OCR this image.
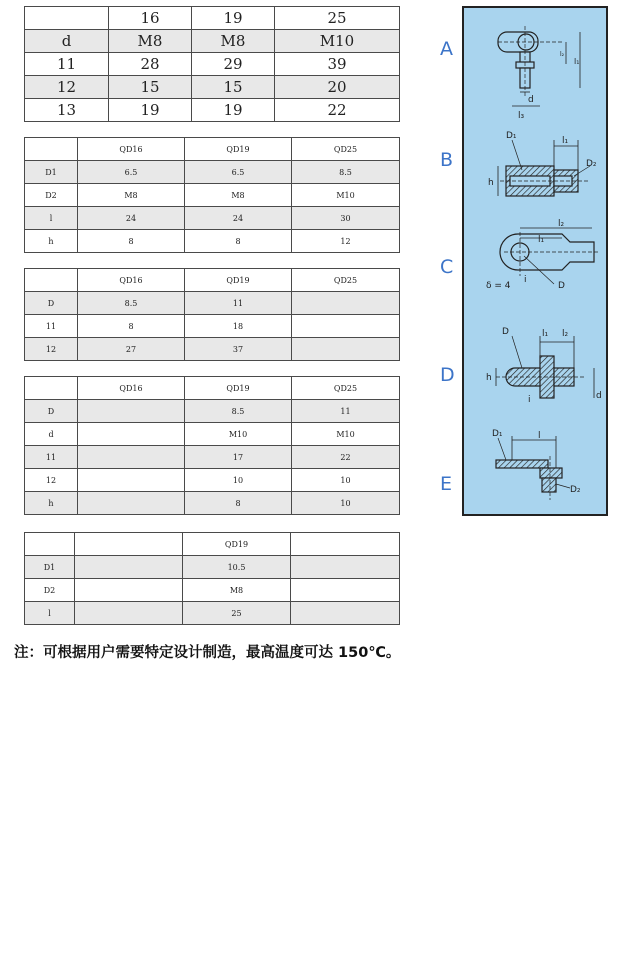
	16	19	25
d	M8	M8	M10
11	28	29	39
12	15	15	20
13	19	19	22
	QD16	QD19	QD25
D1	6.5	6.5	8.5
D2	M8	M8	M10
l	24	24	30
h	8	8	12
	QD16	QD19	QD25
D	8.5	11	
11	8	18	
12	27	37	
	QD16	QD19	QD25
D		8.5	11
d		M10	M10
11		17	22
12		10	10
h		8	10
		QD19	
D1		10.5	
D2		M8	
l		25	
A
B
C
D
E
l₃
d
l₁
l₂
D₁	l₁
D₂
h
l₂
l₁
δ = 4
i
D
D	l₁ l₂
h
i	d
D₁	l
D₂
注：可根据用户需要特定设计制造，最高温度可达 150℃。
